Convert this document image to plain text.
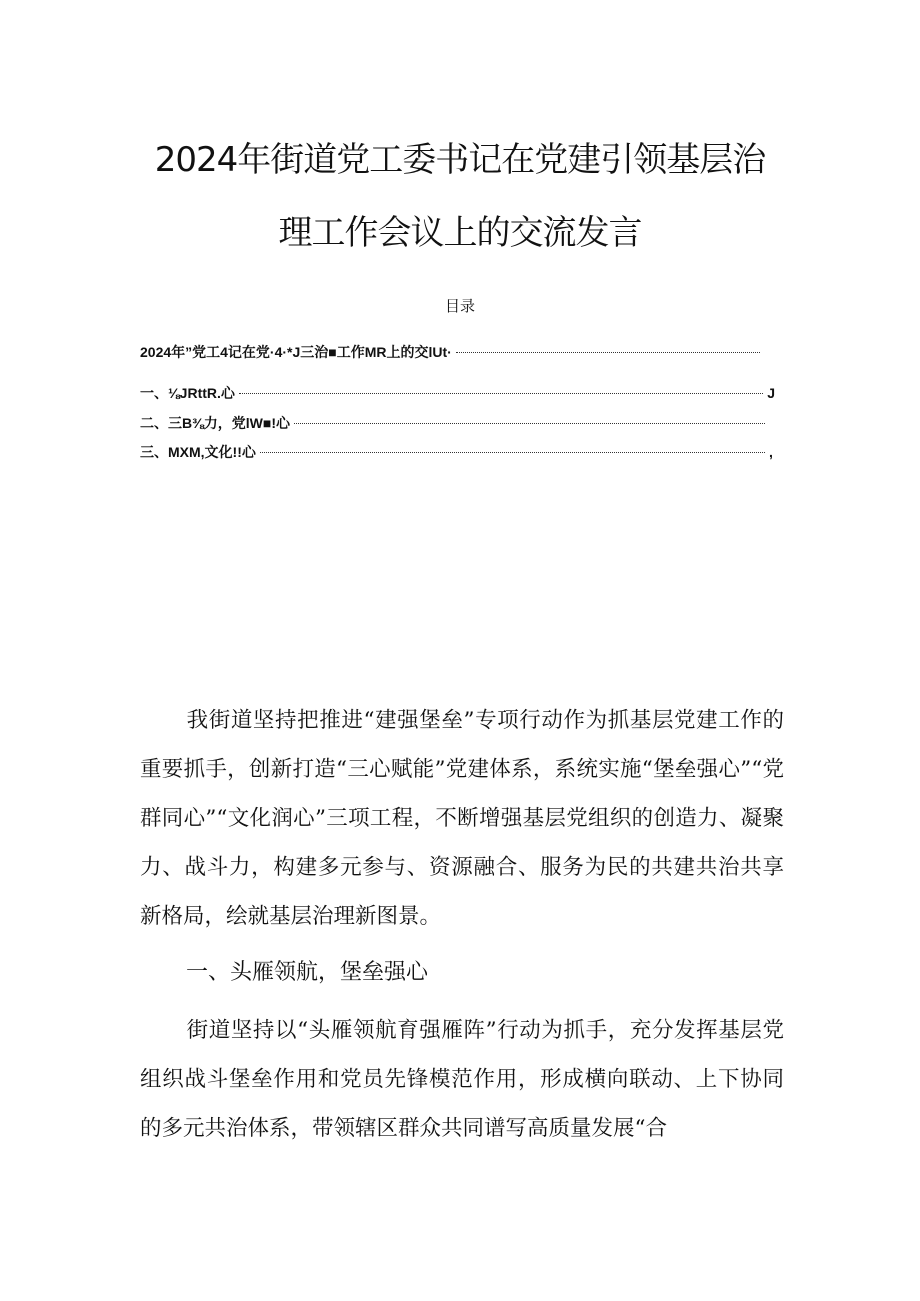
2024年街道党工委书记在党建引领基层治
理工作会议上的交流发言
目录
2024年”党工4记在党·4·*J三治■工作MR上的交lUt·
一、⅛JRttR.心	J
二、三B⅜力，党lW■!心
三、MXM,文化!!心	,

我街道坚持把推进“建强堡垒”专项行动作为抓基层党建工作的重要抓手，创新打造“三心赋能”党建体系，系统实施“堡垒强心”“党群同心”“文化润心”三项工程，不断增强基层党组织的创造力、凝聚力、战斗力，构建多元参与、资源融合、服务为民的共建共治共享新格局，绘就基层治理新图景。

一、头雁领航，堡垒强心

街道坚持以“头雁领航育强雁阵”行动为抓手，充分发挥基层党组织战斗堡垒作用和党员先锋模范作用，形成横向联动、上下协同的多元共治体系，带领辖区群众共同谱写高质量发展“合
